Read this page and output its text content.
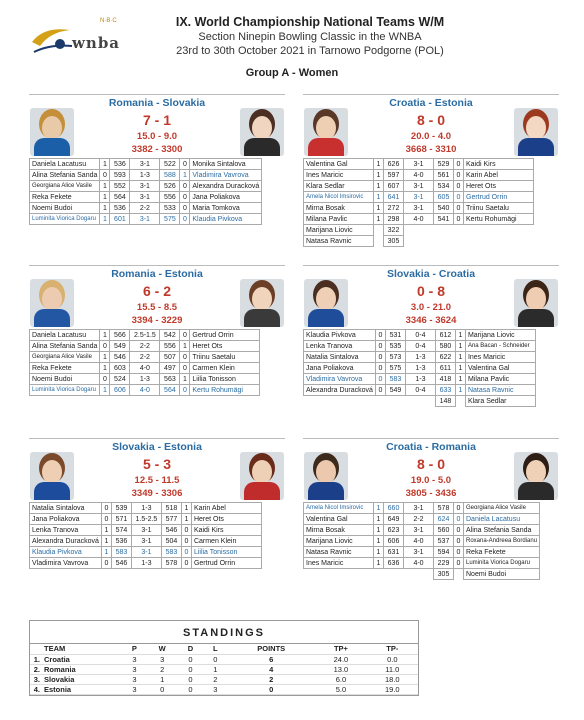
N·B·C
wnba
IX. World Championship National Teams W/M
Section Ninepin Bowling Classic in the WNBA
23rd to 30th October 2021 in Tarnowo Podgorne (POL)
Group A - Women
Romania - Slovakia
7 - 1
15.0 - 9.0
3382 - 3300
Daniela Lacatusu	1	536	3-1	522	0	Monika Sintalova
Alina Stefania Sanda	0	593	1-3	588	1	Vladimira Vavrova
Georgiana Alice Vasile	1	552	3-1	526	0	Alexandra Duracková
Reka Fekete	1	564	3-1	556	0	Jana Poliakova
Noemi Budoi	1	536	2-2	533	0	Maria Tomkova
Luminita Viorica Dogaru	1	601	3-1	575	0	Klaudia Pivkova
Croatia - Estonia
8 - 0
20.0 - 4.0
3668 - 3310
Valentina Gal	1	626	3-1	529	0	Kaidi Kirs
Ines Maricic	1	597	4-0	561	0	Karin Abel
Klara Sedlar	1	607	3-1	534	0	Heret Ots
Amela Nicol Imsirovic	1	641	3-1	605	0	Gertrud Orrin
Mirna Bosak	1	272	3-1	540	0	Triinu Saetalu
Milana Pavlic	1	298	4-0	541	0	Kertu Rohumägi
Marijana Liovic		322				
Natasa Ravnic		305				
Romania - Estonia
6 - 2
15.5 - 8.5
3394 - 3229
Daniela Lacatusu	1	566	2.5-1.5	542	0	Gertrud Orrin
Alina Stefania Sanda	0	549	2-2	556	1	Heret Ots
Georgiana Alice Vasile	1	546	2-2	507	0	Triinu Saetalu
Reka Fekete	1	603	4-0	497	0	Carmen Klein
Noemi Budoi	0	524	1-3	563	1	Liilia Tonisson
Luminita Viorica Dogaru	1	606	4-0	564	0	Kertu Rohumägi
Slovakia - Croatia
0 - 8
3.0 - 21.0
3346 - 3624
Klaudia Pivkova	0	531	0-4	612	1	Marijana Liovic
Lenka Tranova	0	535	0-4	580	1	Ana Bacan - Schneider
Natalia Sintalova	0	573	1-3	622	1	Ines Maricic
Jana Poliakova	0	575	1-3	611	1	Valentina Gal
Vladimira Vavrova	0	583	1-3	418	1	Milana Pavlic
Alexandra Duracková	0	549	0-4	633	1	Natasa Ravnic
				148		Klara Sedlar
Slovakia - Estonia
5 - 3
12.5 - 11.5
3349 - 3306
Natalia Sintalova	0	539	1-3	518	1	Karin Abel
Jana Poliakova	0	571	1.5-2.5	577	1	Heret Ots
Lenka Tranova	1	574	3-1	546	0	Kaidi Kirs
Alexandra Duracková	1	536	3-1	504	0	Carmen Klein
Klaudia Pivkova	1	583	3-1	583	0	Liilia Tonisson
Vladimira Vavrova	0	546	1-3	578	0	Gertrud Orrin
Croatia - Romania
8 - 0
19.0 - 5.0
3805 - 3436
Amela Nicol Imsirovic	1	660	3-1	578	0	Georgiana Alice Vasile
Valentina Gal	1	649	2-2	624	0	Daniela Lacatusu
Mirna Bosak	1	623	3-1	560	0	Alina Stefania Sanda
Marijana Liovic	1	606	4-0	537	0	Roxana-Andreea Bordianu
Natasa Ravnic	1	631	3-1	594	0	Reka Fekete
Ines Maricic	1	636	4-0	229	0	Luminita Viorica Dogaru
				305		Noemi Budoi
STANDINGS
	TEAM	P	W	D	L	POINTS	TP+	TP-
1.	Croatia	3	3	0	0	6	24.0	0.0
2.	Romania	3	2	0	1	4	13.0	11.0
3.	Slovakia	3	1	0	2	2	6.0	18.0
4.	Estonia	3	0	0	3	0	5.0	19.0
